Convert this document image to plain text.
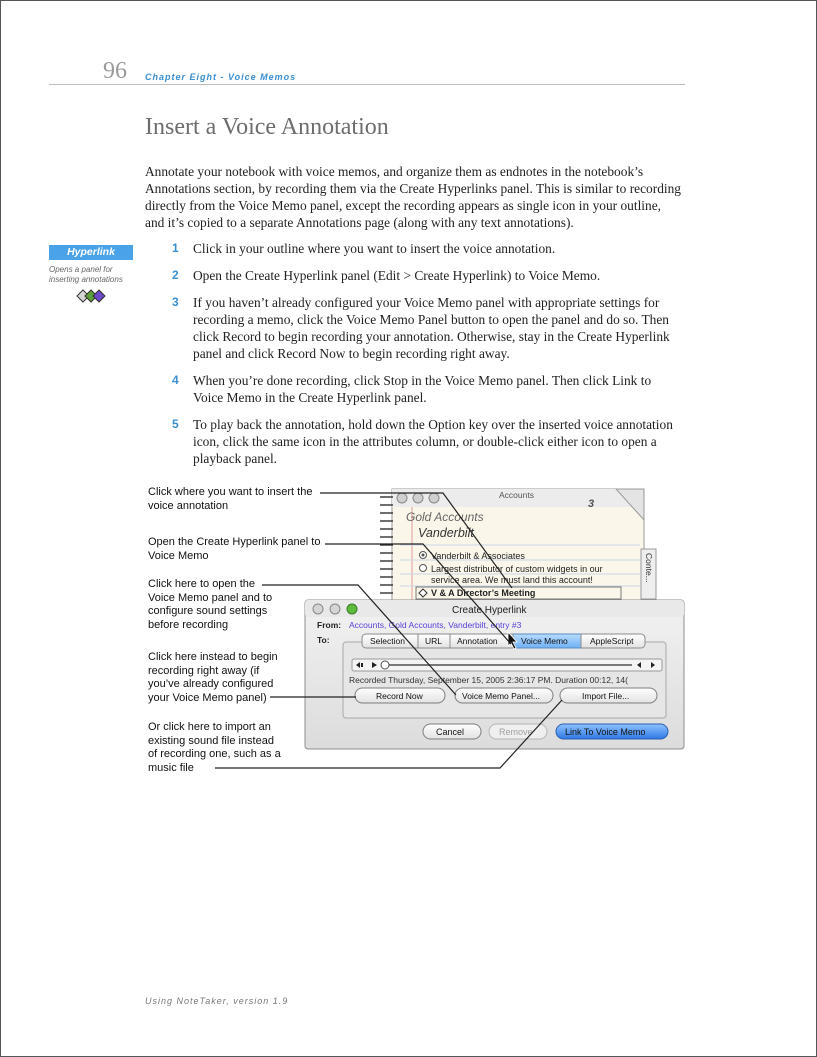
96 Chapter Eight - Voice Memos
Insert a Voice Annotation

Annotate your notebook with voice memos, and organize them as endnotes in the notebook’s Annotations section, by recording them via the Create Hyperlinks panel. This is similar to recording directly from the Voice Memo panel, except the recording appears as single icon in your outline, and it’s copied to a separate Annotations page (along with any text annotations).

Hyperlink
Opens a panel for inserting annotations
1	Click in your outline where you want to insert the voice annotation.
2	Open the Create Hyperlink panel (Edit > Create Hyperlink) to Voice Memo.
3	If you haven’t already configured your Voice Memo panel with appropriate settings for recording a memo, click the Voice Memo Panel button to open the panel and do so. Then click Record to begin recording your annotation. Otherwise, stay in the Create Hyperlink panel and click Record Now to begin recording right away.
4	When you’re done recording, click Stop in the Voice Memo panel. Then click Link to Voice Memo in the Create Hyperlink panel.
5	To play back the annotation, hold down the Option key over the inserted voice annotation icon, click the same icon in the attributes column, or double-click either icon to open a playback panel.
Click where you want to insert the voice annotation
Open the Create Hyperlink panel to Voice Memo
Click here to open the Voice Memo panel and to configure sound settings before recording
Click here instead to begin recording right away (if you’ve already configured your Voice Memo panel)
Or click here to import an existing sound file instead of recording one, such as a music file
Accounts
3
Gold Accounts
Vanderbilt
Vanderbilt & Associates
Largest distributor of custom widgets in our
service area. We must land this account!
V & A Director’s Meeting
Conte...
Create Hyperlink
From: Accounts, Gold Accounts, Vanderbilt, entry #3
To:	Selection URL Annotation	Voice Memo	AppleScript
Recorded Thursday, September 15, 2005 2:36:17 PM. Duration 00:12, 14(
Record Now	Voice Memo Panel...	Import File...
Cancel	Remove	Link To Voice Memo
Using NoteTaker, version 1.9
